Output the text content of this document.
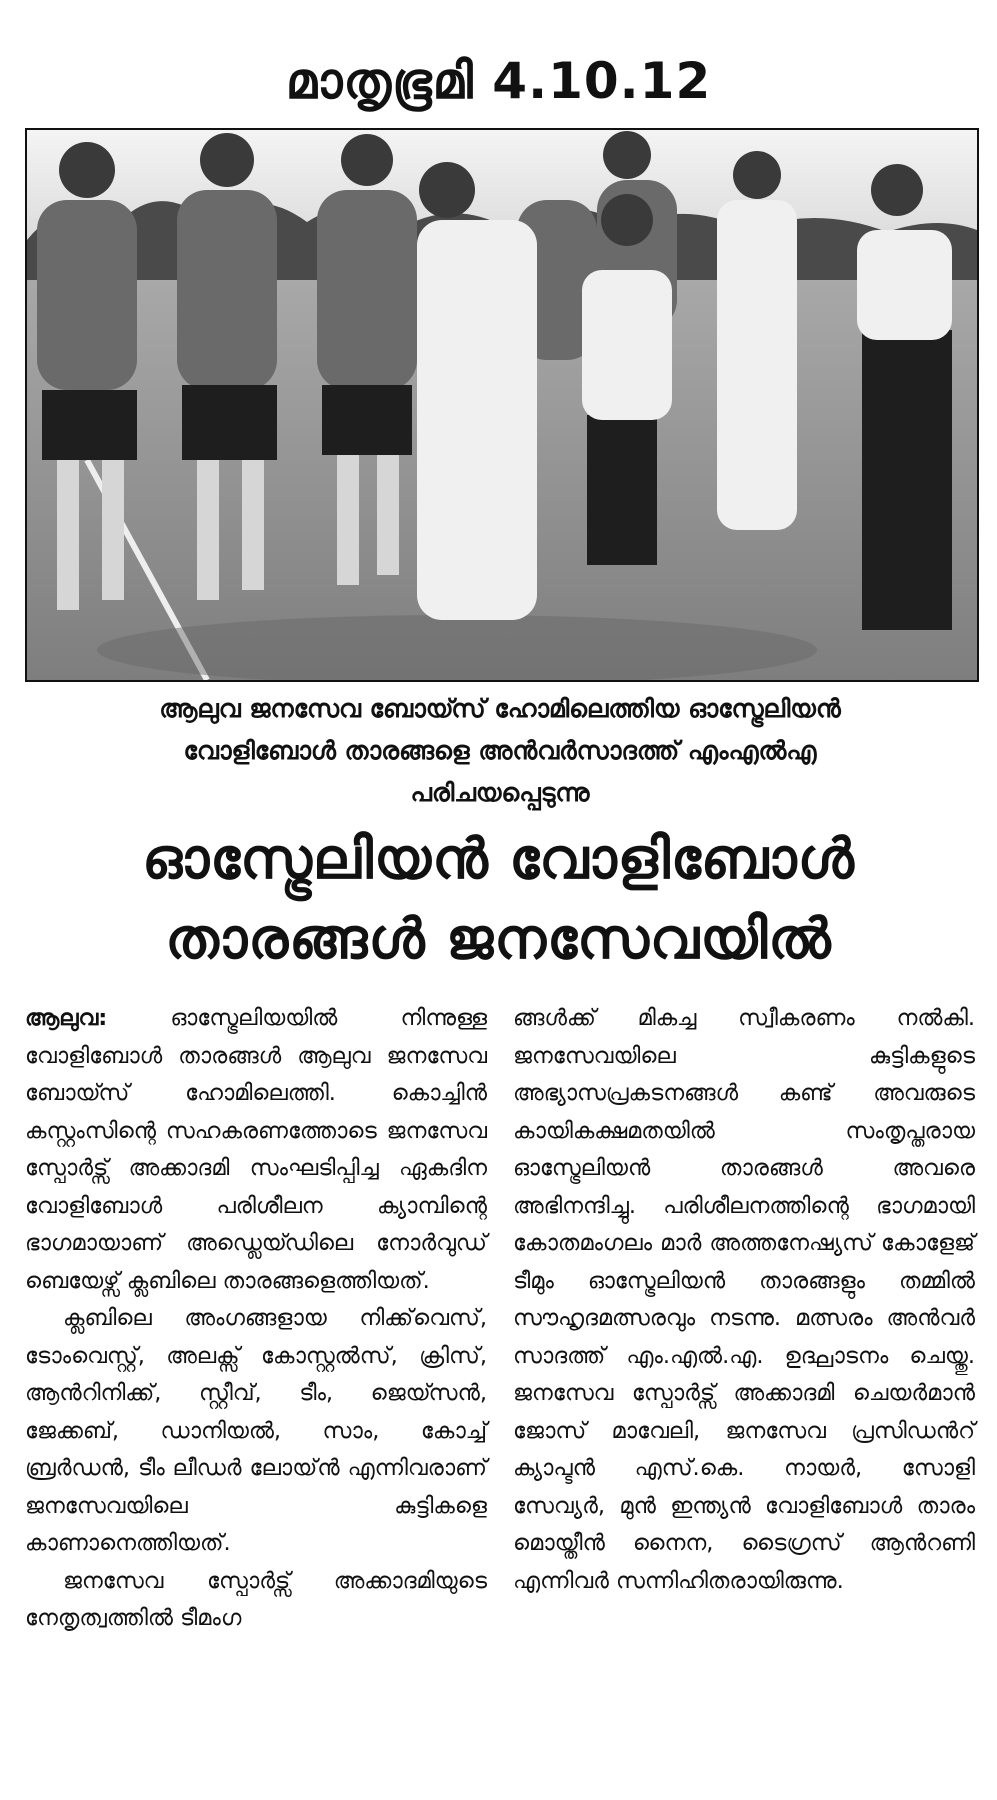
മാതൃഭൂമി 4.10.12
ആലുവ ജനസേവ ബോയ്സ് ഹോമിലെത്തിയ ഓസ്ട്രേലിയൻ
വോളിബോൾ താരങ്ങളെ അൻവർസാദത്ത് എംഎൽഎ
പരിചയപ്പെടുന്നു
ഓസ്ട്രേലിയൻ വോളിബോൾ
താരങ്ങൾ ജനസേവയിൽ

ആലുവ:	ഓസ്ട്രേലിയയിൽ നിന്നുള്ള വോളിബോൾ താരങ്ങൾ ആലുവ ജനസേവ ബോയ്സ് ഹോമിലെത്തി. കൊച്ചിൻ കസ്റ്റംസിന്റെ സഹകരണത്തോടെ ജനസേവ സ്പോർട്സ് അക്കാദമി സംഘടിപ്പിച്ച ഏകദിന വോളിബോൾ പരിശീലന ക്യാമ്പിന്റെ ഭാഗമായാണ് അഡ്ലെയ്ഡിലെ നോർവുഡ് ബെയേഴ്സ് ക്ലബിലെ താരങ്ങളെത്തിയത്.

ക്ലബിലെ അംഗങ്ങളായ നിക്ക്‌വെസ്, ടോംവെസ്റ്റ്, അലക്സ് കോസ്റ്റൽസ്, ക്രിസ്, ആൻറിനിക്ക്, സ്റ്റീവ്, ടീം, ജെയ്സൻ, ജേക്കബ്, ഡാനിയൽ, സാം, കോച്ച് ബ്രർഡൻ, ടീം ലീഡർ ലോയ്ൻ എന്നിവരാണ് ജനസേവയിലെ കുട്ടികളെ കാണാനെത്തിയത്.

ജനസേവ സ്പോർട്സ് അക്കാദമിയുടെ നേതൃത്വത്തിൽ ടീമംഗ

ങ്ങൾക്ക് മികച്ച സ്വീകരണം നൽകി. ജനസേവയിലെ കുട്ടികളുടെ അഭ്യാസപ്രകടനങ്ങൾ കണ്ട് അവരുടെ കായികക്ഷമതയിൽ സംതൃപ്തരായ ഓസ്ട്രേലിയൻ താരങ്ങൾ അവരെ അഭിനന്ദിച്ചു. പരിശീലനത്തിന്റെ ഭാഗമായി കോതമംഗലം മാർ അത്തനേഷ്യസ് കോളേജ് ടീമും ഓസ്ട്രേലിയൻ താരങ്ങളും തമ്മിൽ സൗഹൃദമത്സരവും നടന്നു. മത്സരം അൻവർ സാദത്ത് എം.എൽ.എ. ഉദ്ഘാടനം ചെയ്തു. ജനസേവ സ്പോർട്സ് അക്കാദമി ചെയർമാൻ ജോസ് മാവേലി, ജനസേവ പ്രസിഡൻറ് ക്യാപ്ടൻ എസ്.കെ. നായർ, സോളി സേവ്യർ, മുൻ ഇന്ത്യൻ വോളിബോൾ താരം മൊയ്തീൻ നൈന, ടൈഗ്രസ് ആൻറണി എന്നിവർ സന്നിഹിതരായിരുന്നു.
